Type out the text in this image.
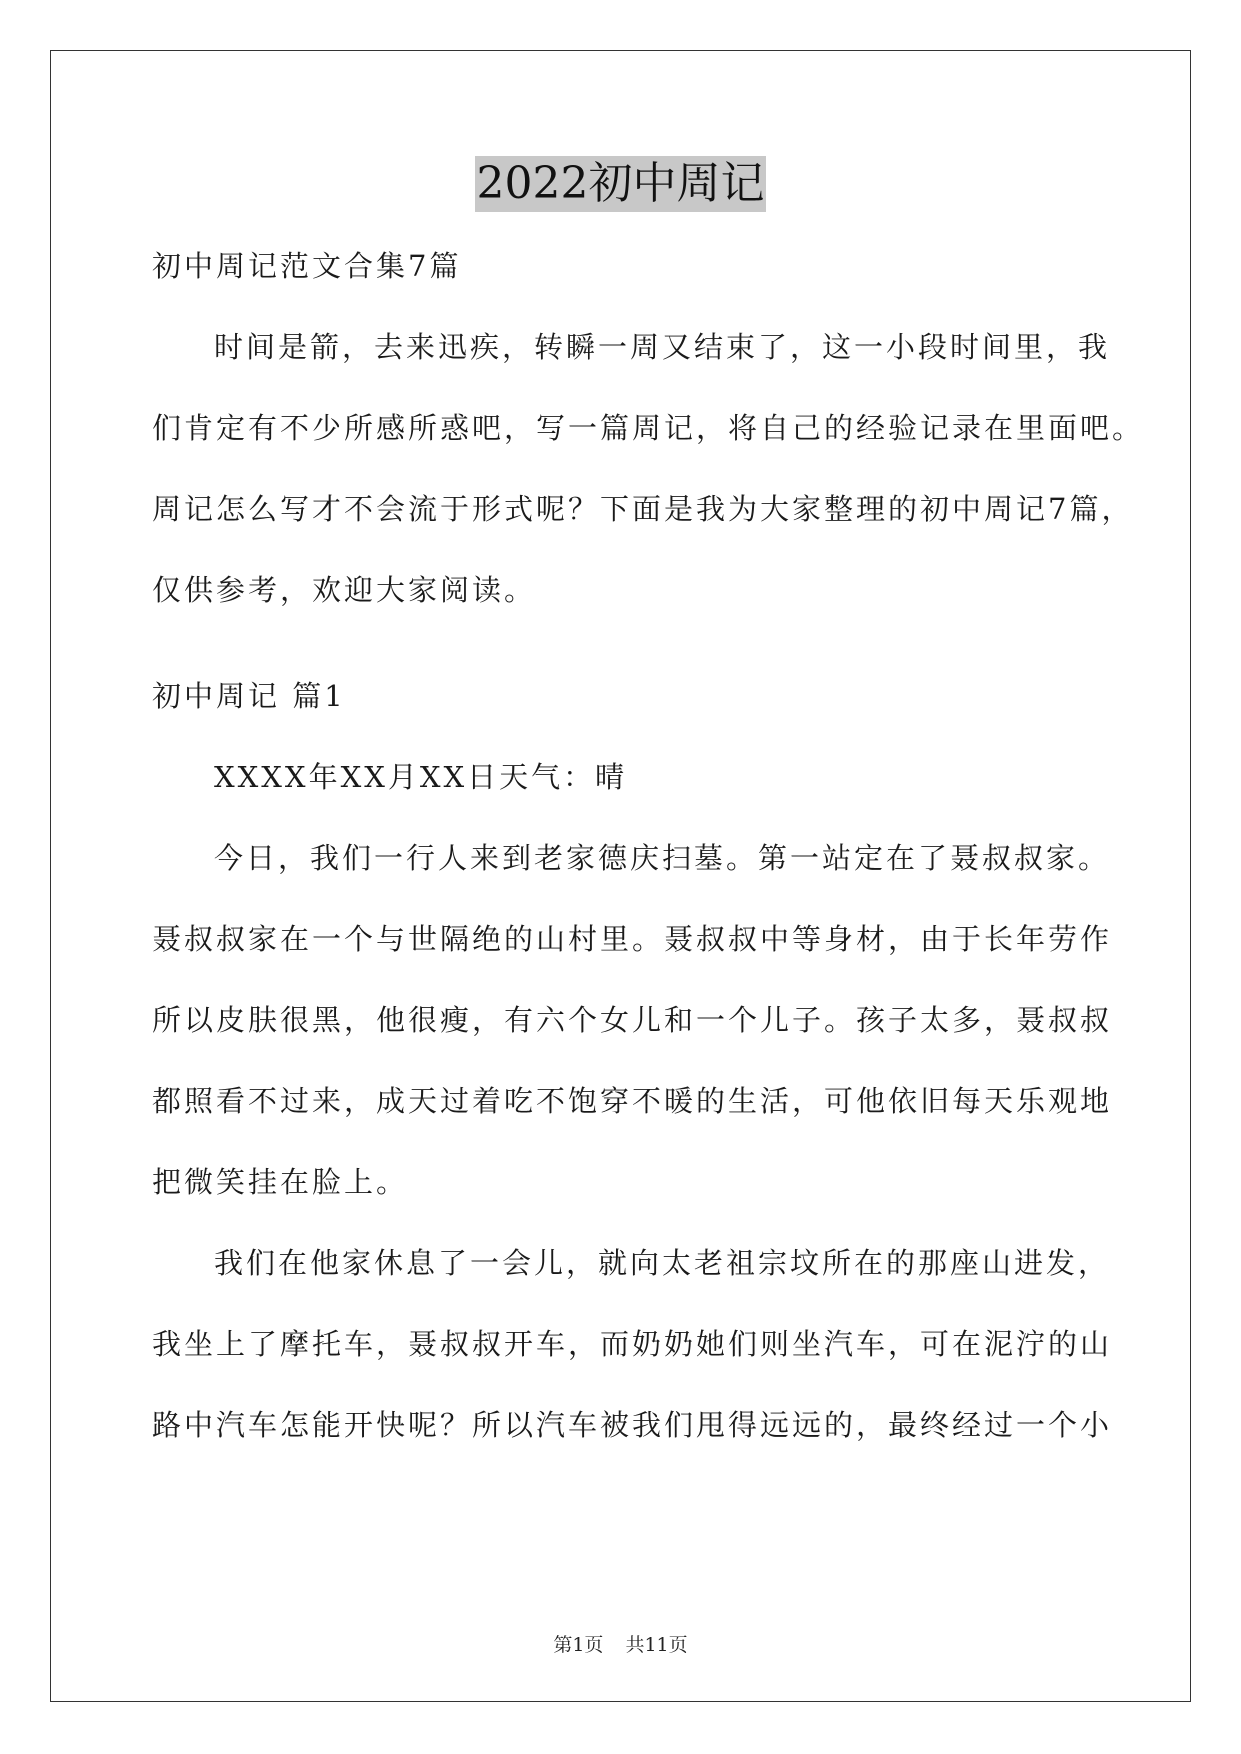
2022初中周记
初中周记范文合集7篇
时间是箭，去来迅疾，转瞬一周又结束了，这一小段时间里，我
们肯定有不少所感所惑吧，写一篇周记，将自己的经验记录在里面吧。
周记怎么写才不会流于形式呢？下面是我为大家整理的初中周记7篇，
仅供参考，欢迎大家阅读。
初中周记 篇1
XXXX年XX月XX日天气：晴
今日，我们一行人来到老家德庆扫墓。第一站定在了聂叔叔家。
聂叔叔家在一个与世隔绝的山村里。聂叔叔中等身材，由于长年劳作
所以皮肤很黑，他很瘦，有六个女儿和一个儿子。孩子太多，聂叔叔
都照看不过来，成天过着吃不饱穿不暖的生活，可他依旧每天乐观地
把微笑挂在脸上。
我们在他家休息了一会儿，就向太老祖宗坟所在的那座山进发，
我坐上了摩托车，聂叔叔开车，而奶奶她们则坐汽车，可在泥泞的山
路中汽车怎能开快呢？所以汽车被我们甩得远远的，最终经过一个小
第1页 共11页
